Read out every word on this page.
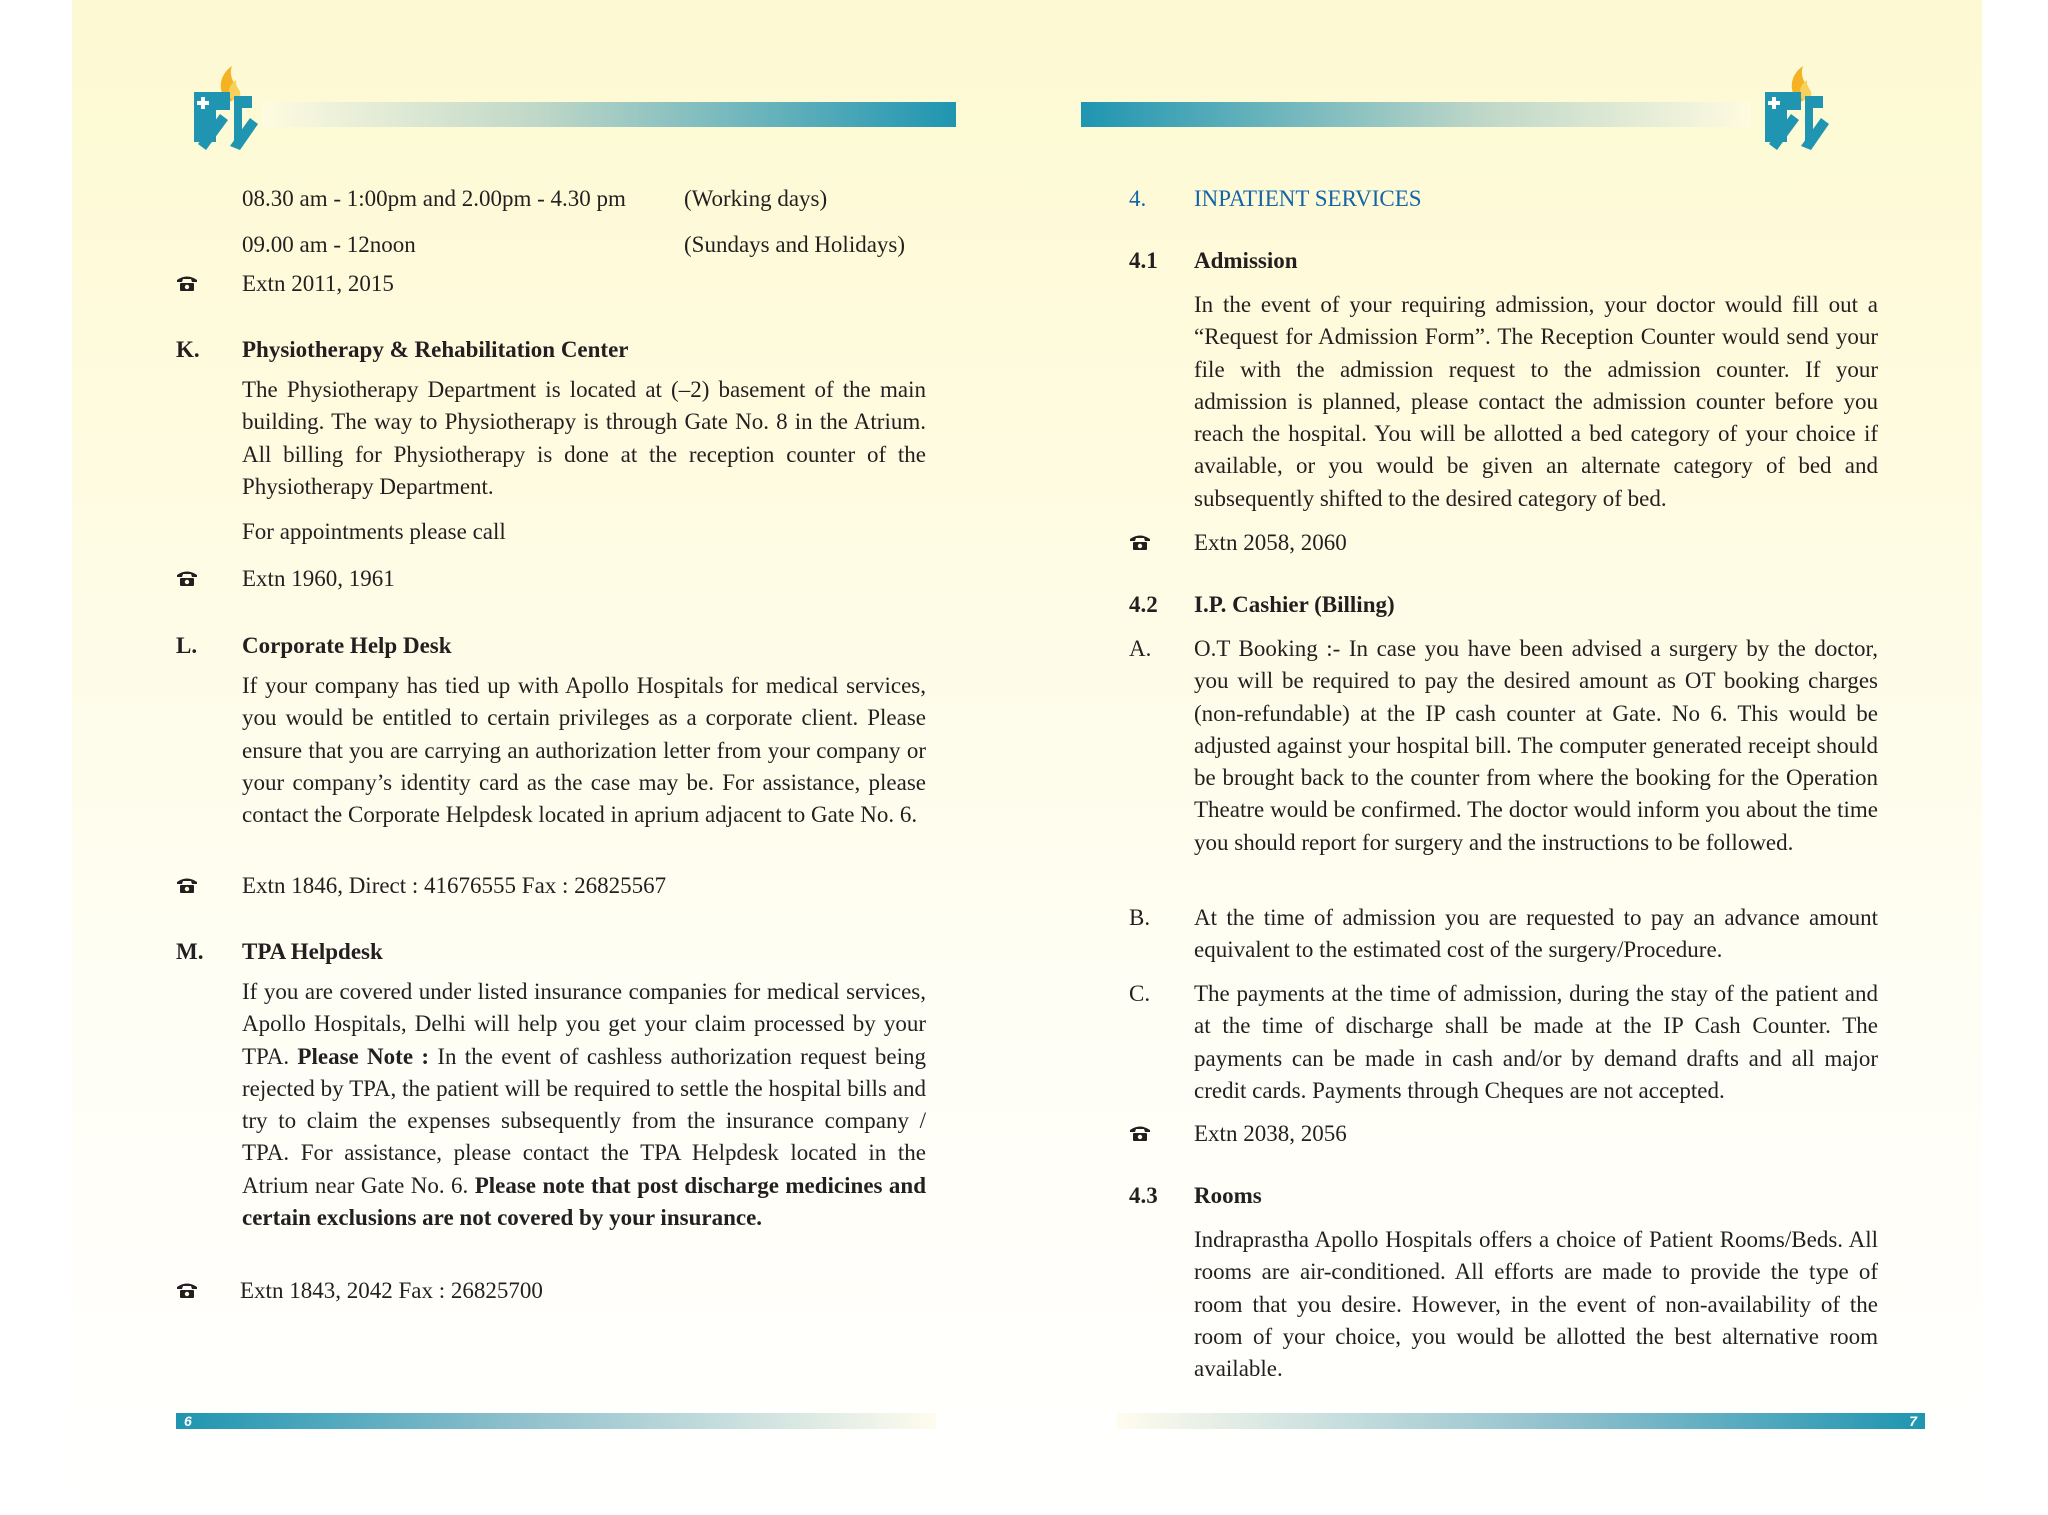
08.30 am - 1:00pm and 2.00pm - 4.30 pm	(Working days)
09.00 am - 12noon	(Sundays and Holidays)
Extn 2011, 2015
K. Physiotherapy & Rehabilitation Center
The Physiotherapy Department is located at (–2) basement of the main building. The way to Physiotherapy is through Gate No. 8 in the Atrium. All billing for Physiotherapy is done at the reception counter of the Physiotherapy Department.
For appointments please call
Extn 1960, 1961
L. Corporate Help Desk
If your company has tied up with Apollo Hospitals for medical services, you would be entitled to certain privileges as a corporate client. Please ensure that you are carrying an authorization letter from your company or your company’s identity card as the case may be. For assistance, please contact the Corporate Helpdesk located in aprium adjacent to Gate No. 6.
Extn 1846, Direct : 41676555 Fax : 26825567
M. TPA Helpdesk
If you are covered under listed insurance companies for medical services, Apollo Hospitals, Delhi will help you get your claim processed by your TPA. Please Note : In the event of cashless authorization request being rejected by TPA, the patient will be required to settle the hospital bills and try to claim the expenses subsequently from the insurance company / TPA. For assistance, please contact the TPA Helpdesk located in the Atrium near Gate No. 6. Please note that post discharge medicines and certain exclusions are not covered by your insurance.
Extn 1843, 2042 Fax : 26825700
6
4. INPATIENT SERVICES
4.1 Admission
In the event of your requiring admission, your doctor would fill out a “Request for Admission Form”. The Reception Counter would send your file with the admission request to the admission counter. If your admission is planned, please contact the admission counter before you reach the hospital. You will be allotted a bed category of your choice if available, or you would be given an alternate category of bed and subsequently shifted to the desired category of bed.
Extn 2058, 2060
4.2 I.P. Cashier (Billing)
A. O.T Booking :- In case you have been advised a surgery by the doctor, you will be required to pay the desired amount as OT booking charges (non-refundable) at the IP cash counter at Gate. No 6. This would be adjusted against your hospital bill. The computer generated receipt should be brought back to the counter from where the booking for the Operation Theatre would be confirmed. The doctor would inform you about the time you should report for surgery and the instructions to be followed.
B. At the time of admission you are requested to pay an advance amount equivalent to the estimated cost of the surgery/Procedure.
C. The payments at the time of admission, during the stay of the patient and at the time of discharge shall be made at the IP Cash Counter. The payments can be made in cash and/or by demand drafts and all major credit cards. Payments through Cheques are not accepted.
Extn 2038, 2056
4.3 Rooms
Indraprastha Apollo Hospitals offers a choice of Patient Rooms/Beds. All rooms are air-conditioned. All efforts are made to provide the type of room that you desire. However, in the event of non-availability of the room of your choice, you would be allotted the best alternative room available.
7
